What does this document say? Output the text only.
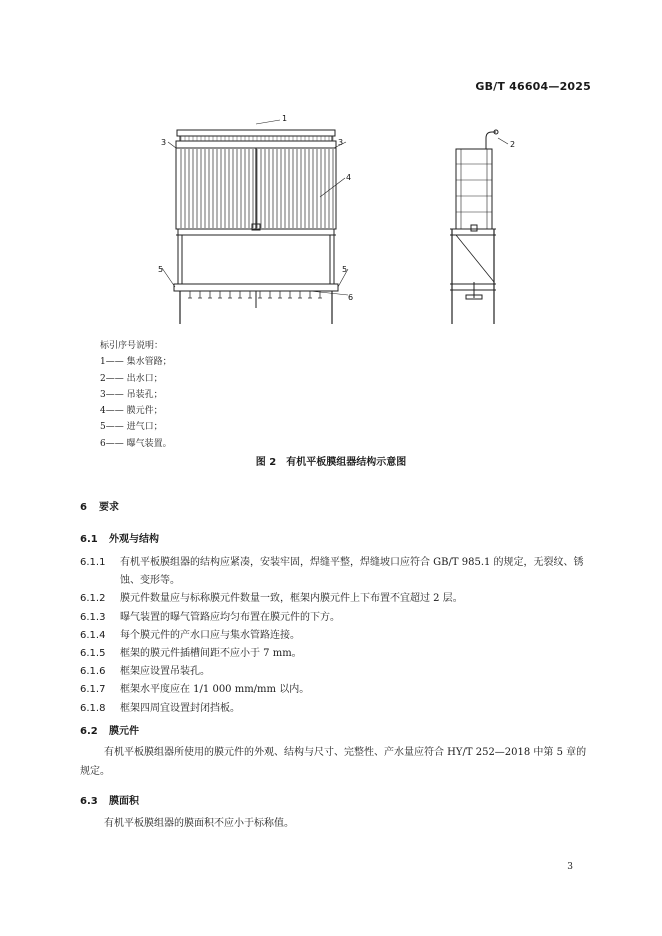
GB/T 46604—2025
1
2
3	3
4
5	5
6
标引序号说明：
1—— 集水管路；
2—— 出水口；
3—— 吊装孔；
4—— 膜元件；
5—— 进气口；
6—— 曝气装置。
图 2　有机平板膜组器结构示意图
6 要求
6.1 外观与结构
6.1.1 有机平板膜组器的结构应紧凑，安装牢固，焊缝平整，焊缝坡口应符合 GB/T 985.1 的规定，无裂纹、锈蚀、变形等。
6.1.2	膜元件数量应与标称膜元件数量一致，框架内膜元件上下布置不宜超过 2 层。
6.1.3	曝气装置的曝气管路应均匀布置在膜元件的下方。
6.1.4	每个膜元件的产水口应与集水管路连接。
6.1.5	框架的膜元件插槽间距不应小于 7 mm。
6.1.6	框架应设置吊装孔。
6.1.7	框架水平度应在 1/1 000 mm/mm 以内。
6.1.8	框架四周宜设置封闭挡板。
6.2 膜元件
有机平板膜组器所使用的膜元件的外观、结构与尺寸、完整性、产水量应符合 HY/T 252—2018 中第 5 章的规定。
6.3 膜面积
有机平板膜组器的膜面积不应小于标称值。
3
